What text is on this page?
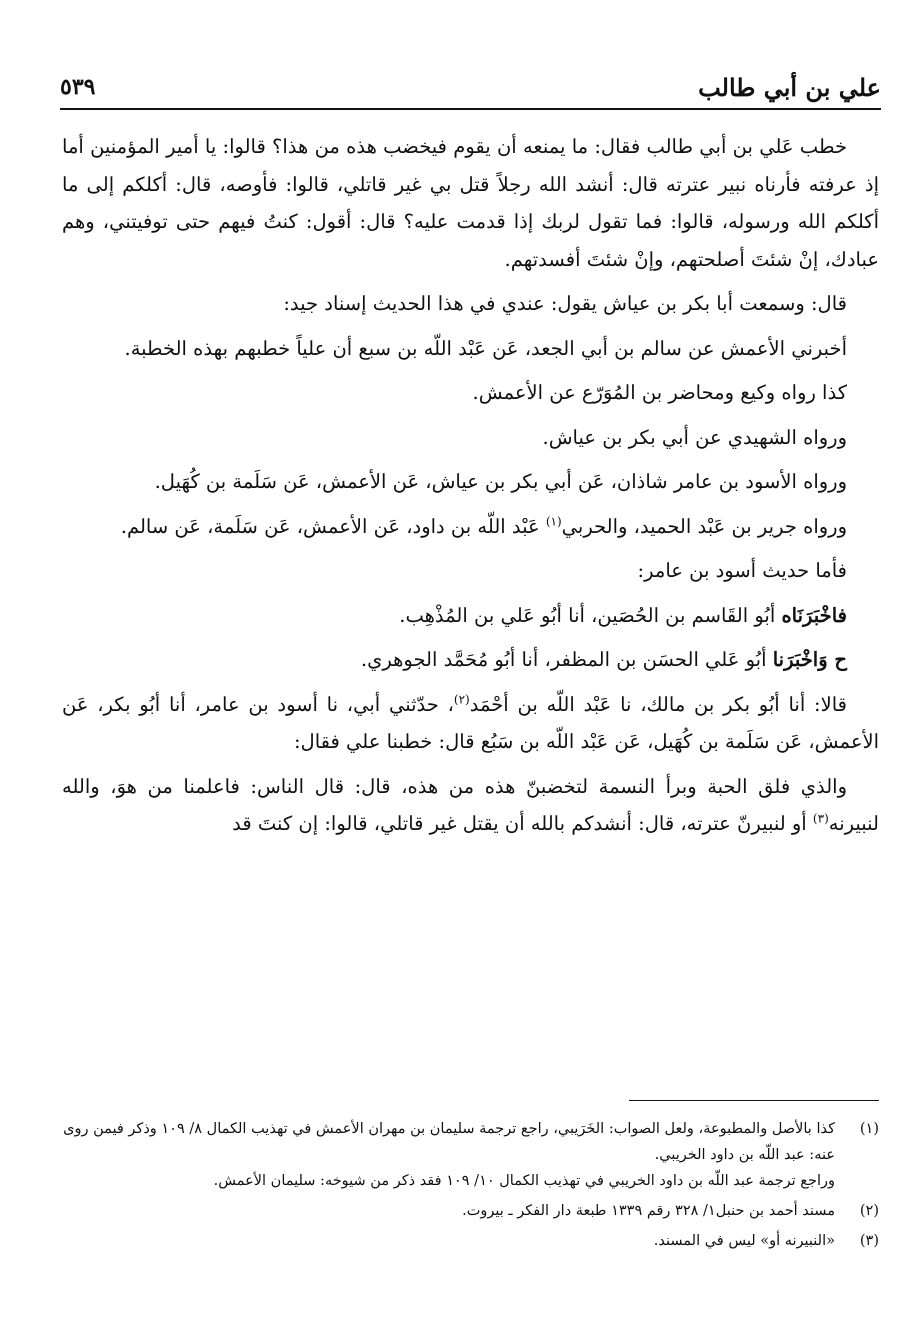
علي بن أبي طالب
٥٣٩

خطب عَلي بن أبي طالب فقال: ما يمنعه أن يقوم فيخضب هذه من هذا؟ قالوا: يا أمير المؤمنين أما إذ عرفته فأرناه نبير عترته قال: أنشد الله رجلاً قتل بي غير قاتلي، قالوا: فأوصه، قال: أكلكم إلى ما أكلكم الله ورسوله، قالوا: فما تقول لربك إذا قدمت عليه؟ قال: أقول: كنتُ فيهم حتى توفيتني، وهم عبادك، إنْ شئتَ أصلحتهم، وإنْ شئتَ أفسدتهم.

قال: وسمعت أبا بكر بن عياش يقول: عندي في هذا الحديث إسناد جيد:

أخبرني الأعمش عن سالم بن أبي الجعد، عَن عَبْد اللّه بن سبع أن علياً خطبهم بهذه الخطبة.

كذا رواه وكيع ومحاضر بن المُوَرّع عن الأعمش.

ورواه الشهيدي عن أبي بكر بن عياش.

ورواه الأسود بن عامر شاذان، عَن أبي بكر بن عياش، عَن الأعمش، عَن سَلَمة بن كُهَيل.

ورواه جرير بن عَبْد الحميد، والحربي$^{(١)}$ عَبْد اللّه بن داود، عَن الأعمش، عَن سَلَمة، عَن سالم.

فأما حديث أسود بن عامر:

فاخْبَرَنَاه أبُو القَاسم بن الحُصَين، أنا أبُو عَلي بن المُذْهِب.

ح وَاخْبَرَنا أبُو عَلي الحسَن بن المظفر، أنا أبُو مُحَمَّد الجوهري.

قالا: أنا أبُو بكر بن مالك، نا عَبْد اللّه بن أحْمَد$^{(٢)}$، حدّثني أبي، نا أسود بن عامر، أنا أبُو بكر، عَن الأعمش، عَن سَلَمة بن كُهَيل، عَن عَبْد اللّه بن سَبُع قال: خطبنا علي فقال:

والذي فلق الحبة وبرأ النسمة لتخضبنّ هذه من هذه، قال: قال الناس: فاعلمنا من هوَ، والله لنبيرنه$^{(٣)}$ أو لنبيرنّ عترته، قال: أنشدكم بالله أن يقتل غير قاتلي، قالوا: إن كنتَ قد

(١)
كذا بالأصل والمطبوعة، ولعل الصواب: الخَرَيبي، راجع ترجمة سليمان بن مهران الأعمش في تهذيب الكمال ٨/ ١٠٩ وذكر فيمن روى عنه: عبد اللّه بن داود الخريبي.
وراجع ترجمة عبد اللّه بن داود الخريبي في تهذيب الكمال ١٠/ ١٠٩ فقد ذكر من شيوخه: سليمان الأعمش.
(٢)
مسند أحمد بن حنبل١/ ٣٢٨ رقم ١٣٣٩ طبعة دار الفكر ـ بيروت.
(٣)
«النبيرنه أو» ليس في المسند.
